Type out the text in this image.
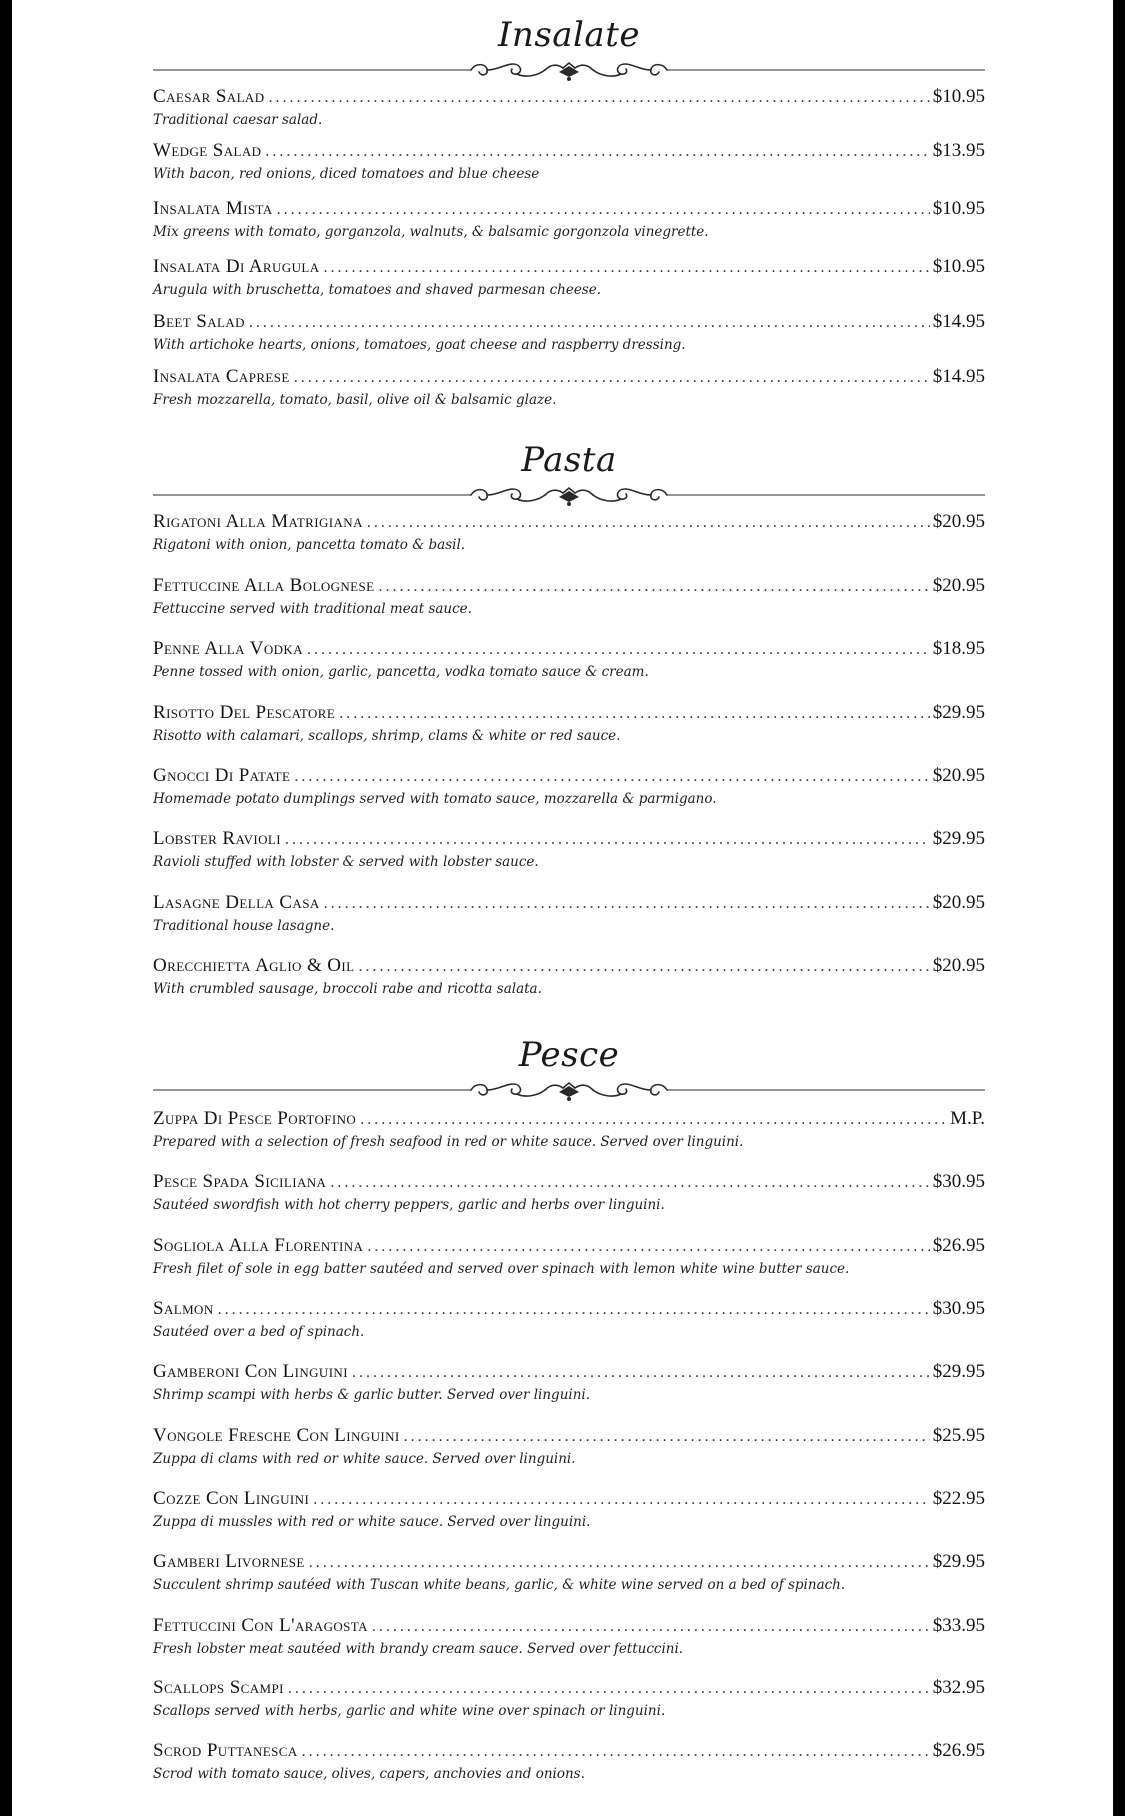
Insalate
Caesar Salad .....	$10.95
Traditional caesar salad.
Wedge Salad .....	$13.95
With bacon, red onions, diced tomatoes and blue cheese
Insalata Mista .....	$10.95
Mix greens with tomato, gorganzola, walnuts, & balsamic gorgonzola vinegrette.
Insalata Di Arugula .....	$10.95
Arugula with bruschetta, tomatoes and shaved parmesan cheese.
Beet Salad .....	$14.95
With artichoke hearts, onions, tomatoes, goat cheese and raspberry dressing.
Insalata Caprese .....	$14.95
Fresh mozzarella, tomato, basil, olive oil & balsamic glaze.
Pasta
Rigatoni Alla Matrigiana .....	$20.95
Rigatoni with onion, pancetta tomato & basil.
Fettuccine Alla Bolognese .....	$20.95
Fettuccine served with traditional meat sauce.
Penne Alla Vodka .....	$18.95
Penne tossed with onion, garlic, pancetta, vodka tomato sauce & cream.
Risotto Del Pescatore .....	$29.95
Risotto with calamari, scallops, shrimp, clams & white or red sauce.
Gnocci Di Patate .....	$20.95
Homemade potato dumplings served with tomato sauce, mozzarella & parmigano.
Lobster Ravioli .....	$29.95
Ravioli stuffed with lobster & served with lobster sauce.
Lasagne Della Casa .....	$20.95
Traditional house lasagne.
Orecchietta Aglio & Oil .....	$20.95
With crumbled sausage, broccoli rabe and ricotta salata.
Pesce
Zuppa Di Pesce Portofino .....	M.P.
Prepared with a selection of fresh seafood in red or white sauce. Served over linguini.
Pesce Spada Siciliana .....	$30.95
Sautéed swordfish with hot cherry peppers, garlic and herbs over linguini.
Sogliola Alla Florentina .....	$26.95
Fresh filet of sole in egg batter sautéed and served over spinach with lemon white wine butter sauce.
Salmon .....	$30.95
Sautéed over a bed of spinach.
Gamberoni Con Linguini .....	$29.95
Shrimp scampi with herbs & garlic butter. Served over linguini.
Vongole Fresche Con Linguini .....	$25.95
Zuppa di clams with red or white sauce. Served over linguini.
Cozze Con Linguini .....	$22.95
Zuppa di mussles with red or white sauce. Served over linguini.
Gamberi Livornese .....	$29.95
Succulent shrimp sautéed with Tuscan white beans, garlic, & white wine served on a bed of spinach.
Fettuccini Con L'aragosta .....	$33.95
Fresh lobster meat sautéed with brandy cream sauce. Served over fettuccini.
Scallops Scampi .....	$32.95
Scallops served with herbs, garlic and white wine over spinach or linguini.
Scrod Puttanesca .....	$26.95
Scrod with tomato sauce, olives, capers, anchovies and onions.
